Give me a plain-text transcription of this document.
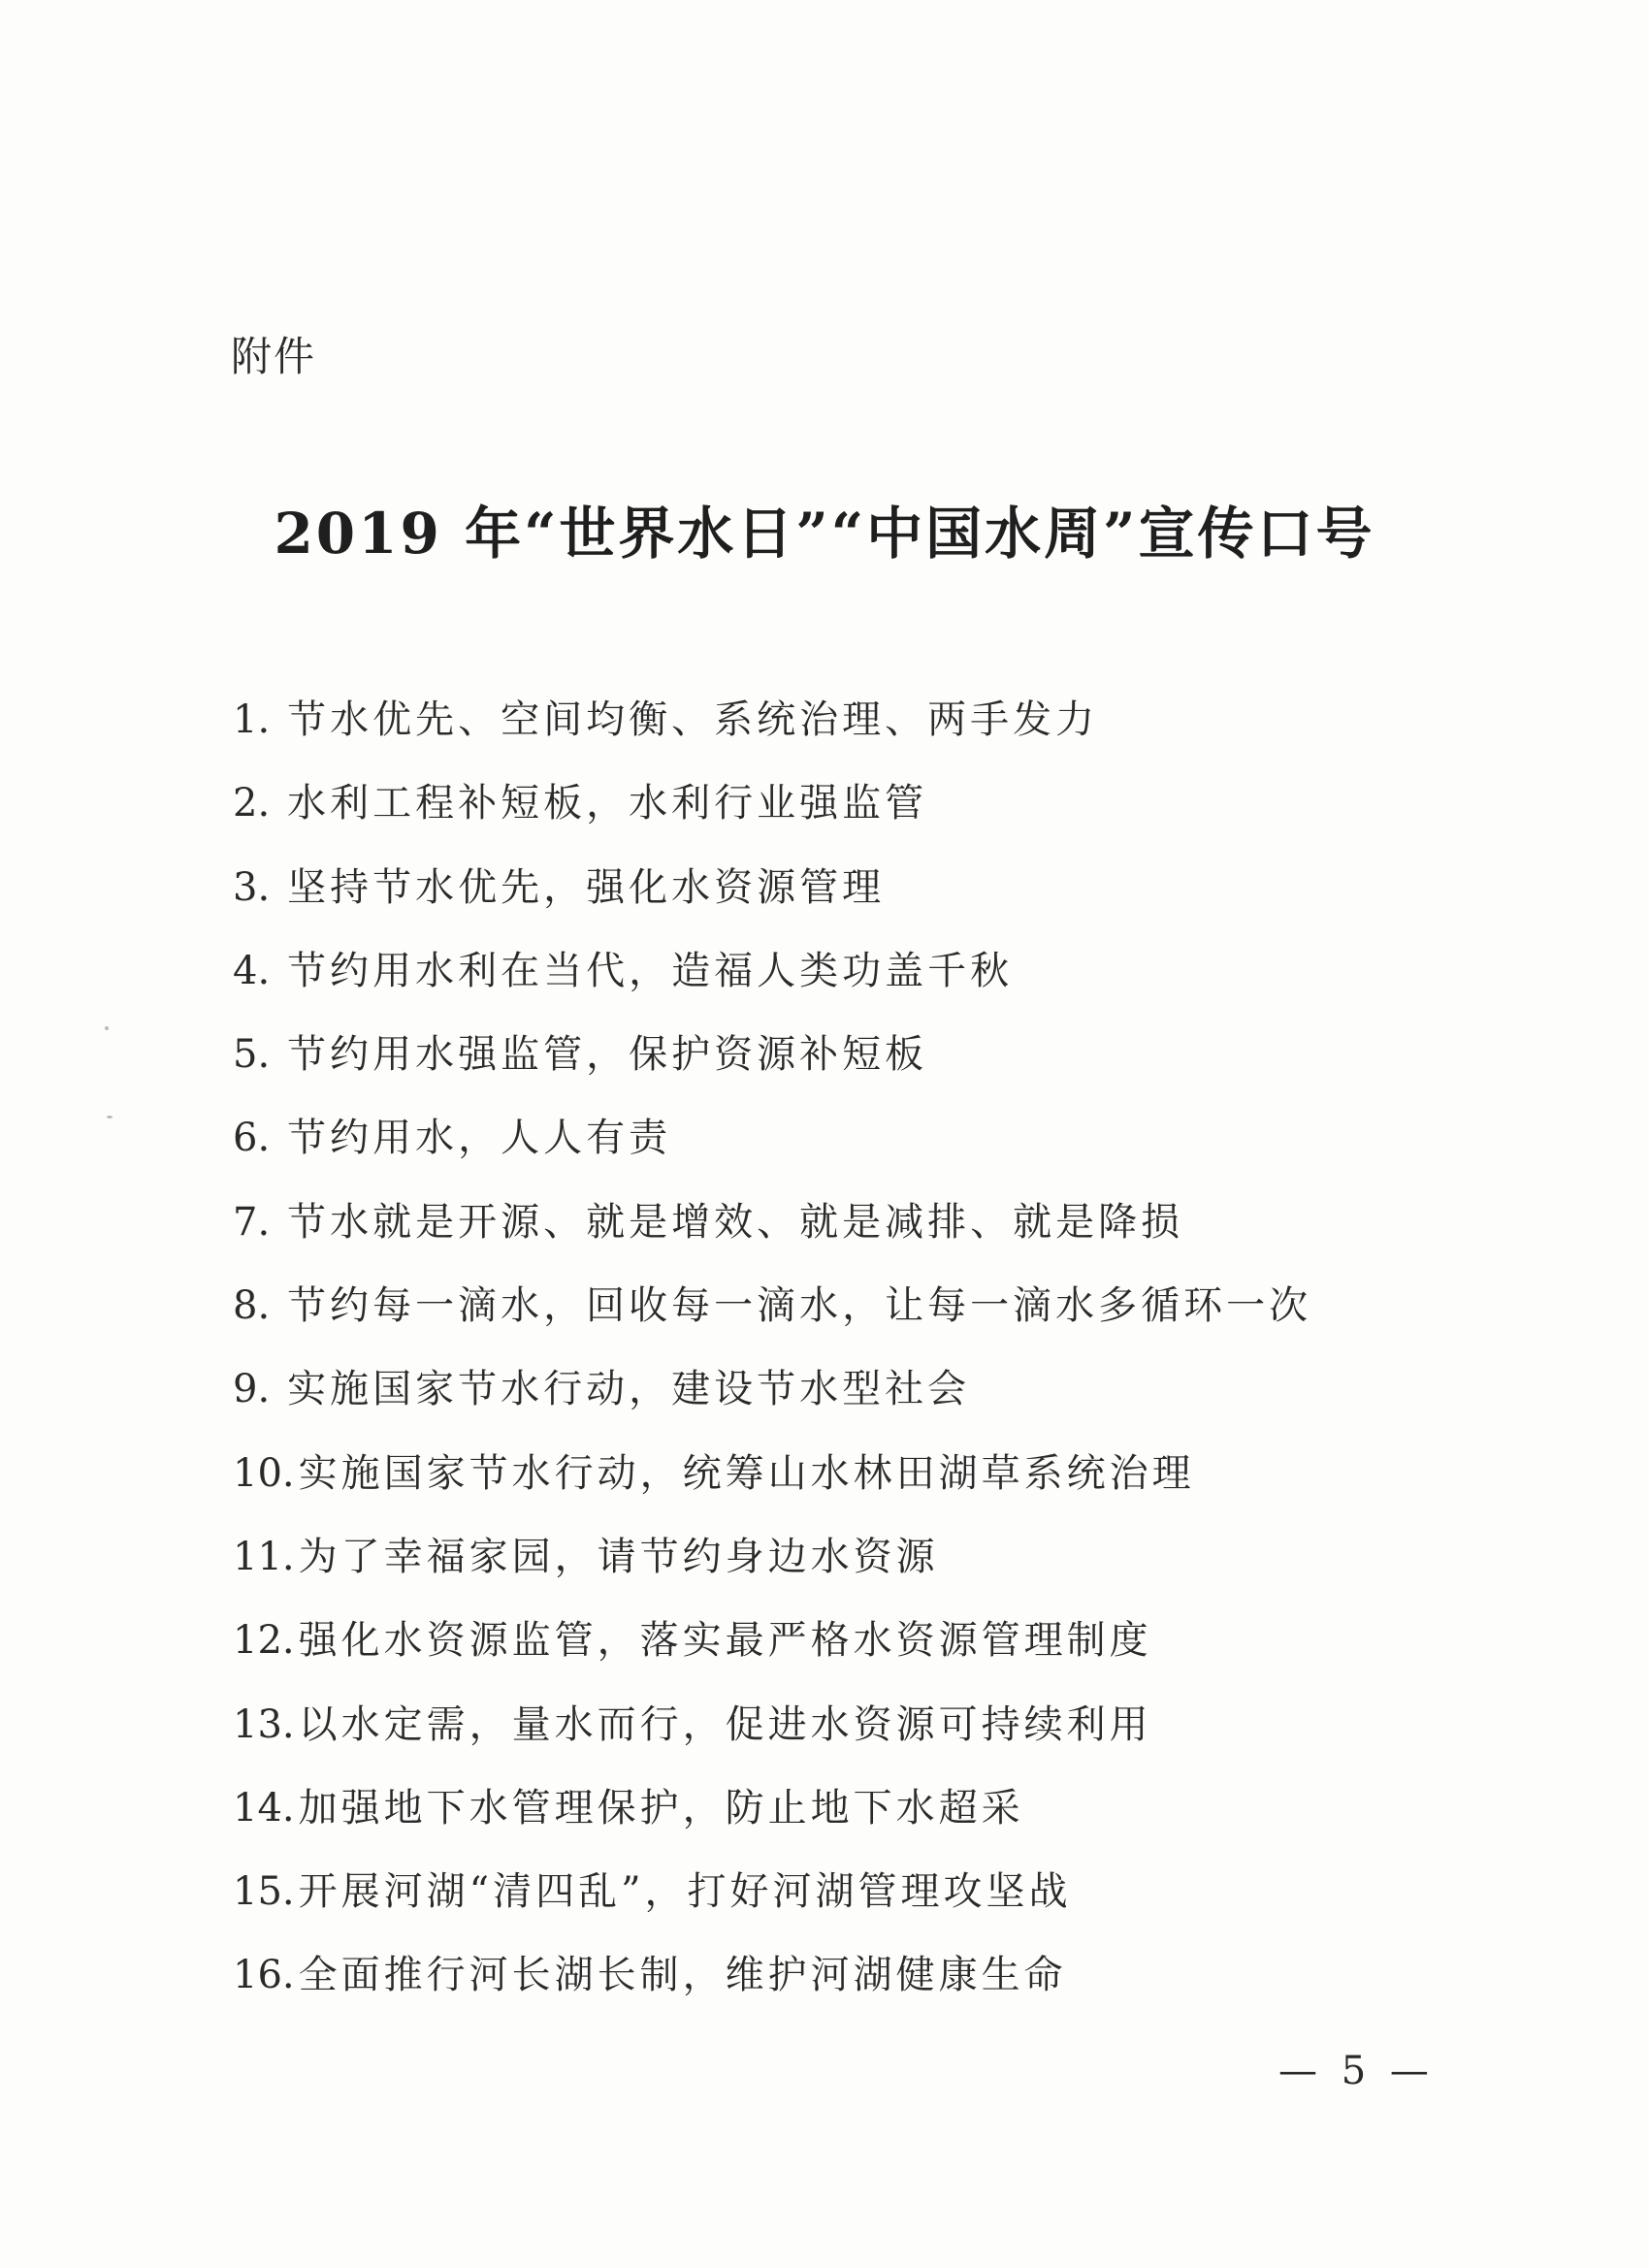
附件
2019 年“世界水日”“中国水周”宣传口号
1. 节水优先、空间均衡、系统治理、两手发力
2. 水利工程补短板，水利行业强监管
3. 坚持节水优先，强化水资源管理
4. 节约用水利在当代，造福人类功盖千秋
5. 节约用水强监管，保护资源补短板
6. 节约用水，人人有责
7. 节水就是开源、就是增效、就是减排、就是降损
8. 节约每一滴水，回收每一滴水，让每一滴水多循环一次
9. 实施国家节水行动，建设节水型社会
10. 实施国家节水行动，统筹山水林田湖草系统治理
11. 为了幸福家园，请节约身边水资源
12. 强化水资源监管，落实最严格水资源管理制度
13. 以水定需，量水而行，促进水资源可持续利用
14. 加强地下水管理保护，防止地下水超采
15. 开展河湖“清四乱”，打好河湖管理攻坚战
16. 全面推行河长湖长制，维护河湖健康生命
— 5 —
